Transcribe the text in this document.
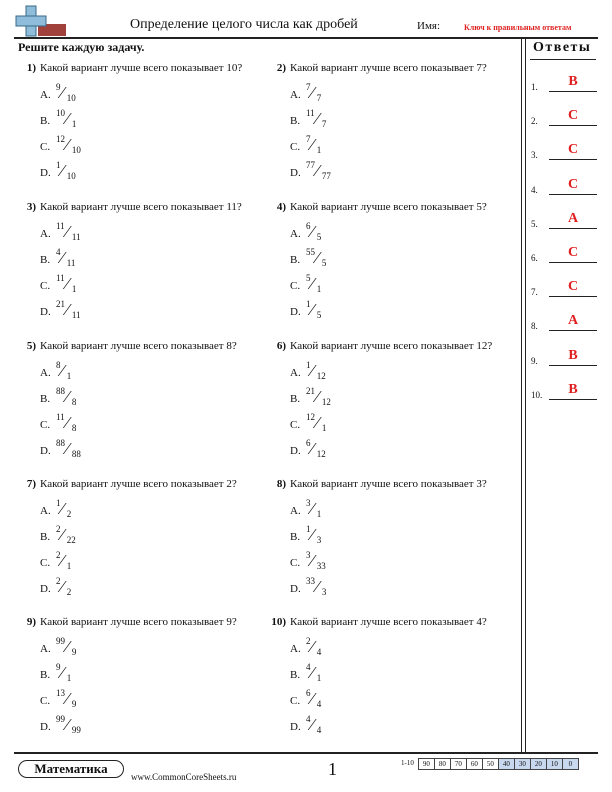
Определение целого числа как дробей	Имя:	Ключ к правильным ответам
Решите каждую задачу.	Ответы
1.	B
2.	C
3.	C
4.	C
5.	A
6.	C
7.	C
8.	A
9.	B
10.	B
1) Какой вариант лучше всего показывает 10?
A.
9 ⁄ 10
B.
10 ⁄ 1
C.
12 ⁄ 10
D.
1 ⁄ 10
2) Какой вариант лучше всего показывает 7?
A.
7 ⁄ 7
B.
11 ⁄ 7
C.
7 ⁄ 1
D.
77 ⁄ 77
3) Какой вариант лучше всего показывает 11?
A.
11 ⁄ 11
B.
4 ⁄ 11
C.
11 ⁄ 1
D.
21 ⁄ 11
4) Какой вариант лучше всего показывает 5?
A.
6 ⁄ 5
B.
55 ⁄ 5
C.
5 ⁄ 1
D.
1 ⁄ 5
5) Какой вариант лучше всего показывает 8?
A.
8 ⁄ 1
B.
88 ⁄ 8
C.
11 ⁄ 8
D.
88 ⁄ 88
6) Какой вариант лучше всего показывает 12?
A.
1 ⁄ 12
B.
21 ⁄ 12
C.
12 ⁄ 1
D.
6 ⁄ 12
7) Какой вариант лучше всего показывает 2?
A.
1 ⁄ 2
B.
2 ⁄ 22
C.
2 ⁄ 1
D.
2 ⁄ 2
8) Какой вариант лучше всего показывает 3?
A.
3 ⁄ 1
B.
1 ⁄ 3
C.
3 ⁄ 33
D.
33 ⁄ 3
9) Какой вариант лучше всего показывает 9?
A.
99 ⁄ 9
B.
9 ⁄ 1
C.
13 ⁄ 9
D.
99 ⁄ 99
10) Какой вариант лучше всего показывает 4?
A.
2 ⁄ 4
B.
4 ⁄ 1
C.
6 ⁄ 4
D.
4 ⁄ 4
Математика
www.CommonCoreSheets.ru	1	1-10	90	80	70	60	50	40	30	20	10	0
